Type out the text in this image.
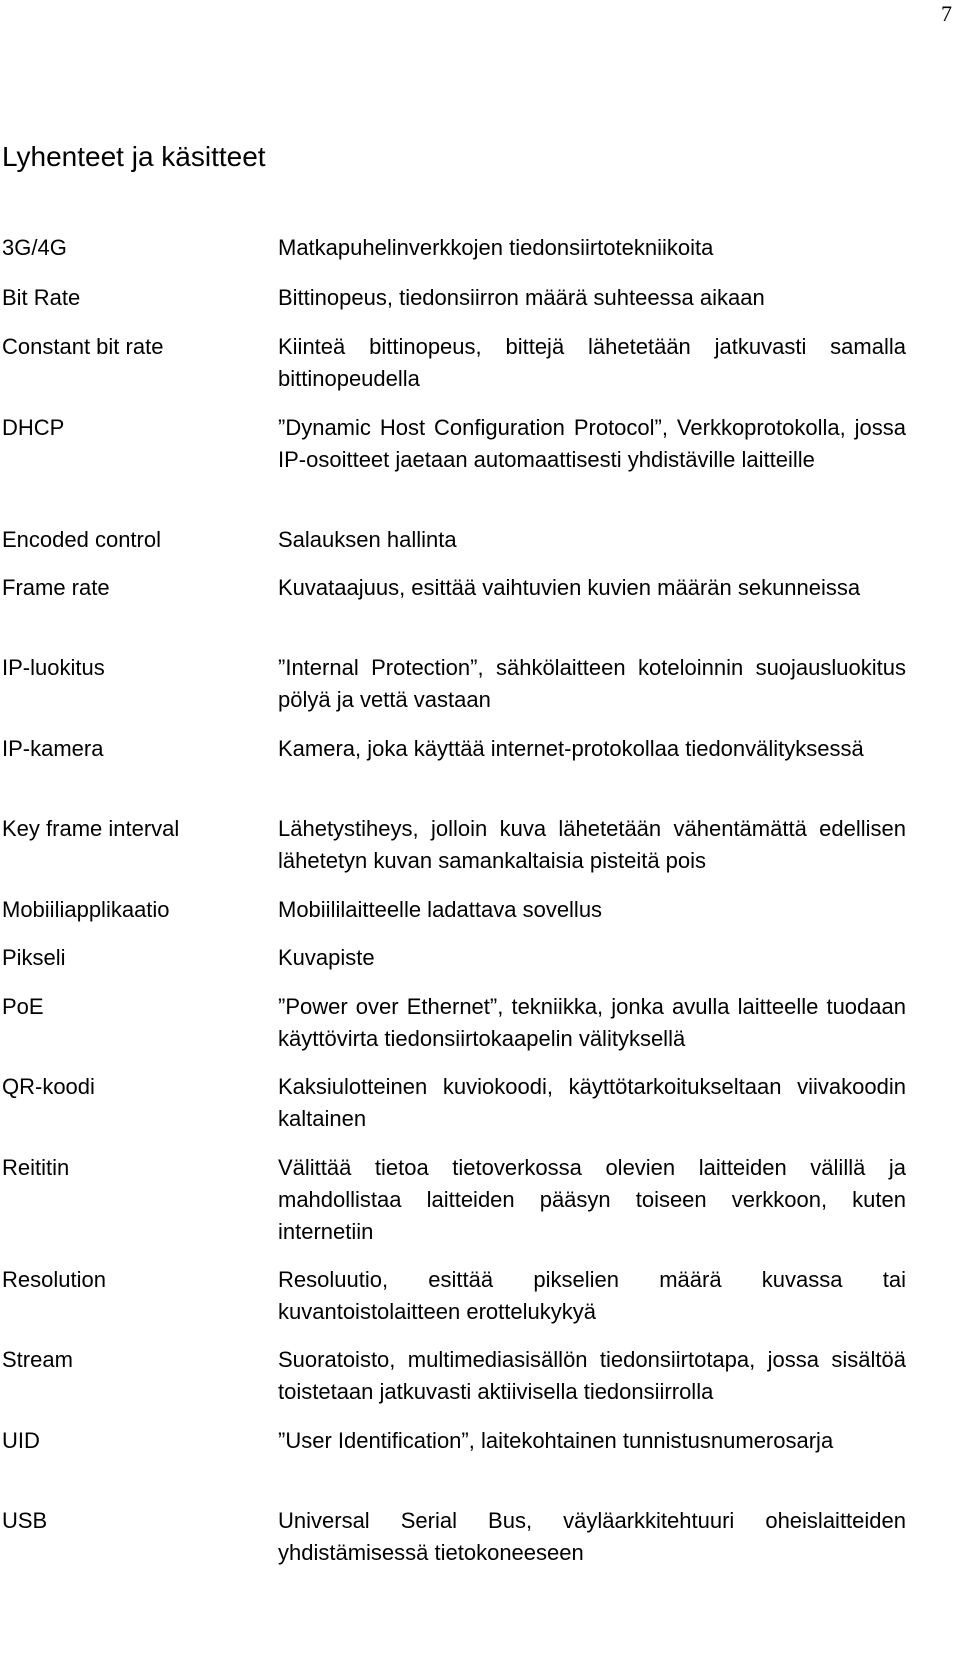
7
Lyhenteet ja käsitteet
3G/4G	Matkapuhelinverkkojen tiedonsiirtotekniikoita
Bit Rate	Bittinopeus, tiedonsiirron määrä suhteessa aikaan
Constant bit rate	Kiinteä bittinopeus, bittejä lähetetään jatkuvasti samalla bittinopeudella
DHCP	”Dynamic Host Configuration Protocol”, Verkkoprotokolla, jossa IP-osoitteet jaetaan automaattisesti yhdistäville laitteille
Encoded control	Salauksen hallinta
Frame rate	Kuvataajuus, esittää vaihtuvien kuvien määrän sekunneissa
IP-luokitus	”Internal Protection”, sähkölaitteen koteloinnin suojausluokitus pölyä ja vettä vastaan
IP-kamera	Kamera, joka käyttää internet-protokollaa tiedonvälityksessä
Key frame interval	Lähetystiheys, jolloin kuva lähetetään vähentämättä edellisen lähetetyn kuvan samankaltaisia pisteitä pois
Mobiiliapplikaatio	Mobiililaitteelle ladattava sovellus
Pikseli	Kuvapiste
PoE	”Power over Ethernet”, tekniikka, jonka avulla laitteelle tuodaan käyttövirta tiedonsiirtokaapelin välityksellä
QR-koodi	Kaksiulotteinen kuviokoodi, käyttötarkoitukseltaan viivakoodin kaltainen
Reititin	Välittää tietoa tietoverkossa olevien laitteiden välillä ja mahdollistaa laitteiden pääsyn toiseen verkkoon, kuten internetiin
Resolution	Resoluutio, esittää pikselien määrä kuvassa tai kuvantoistolaitteen erottelukykyä
Stream	Suoratoisto, multimediasisällön tiedonsiirtotapa, jossa sisältöä toistetaan jatkuvasti aktiivisella tiedonsiirrolla
UID	”User Identification”, laitekohtainen tunnistusnumerosarja
USB	Universal Serial Bus, väyläarkkitehtuuri oheislaitteiden yhdistämisessä tietokoneeseen
